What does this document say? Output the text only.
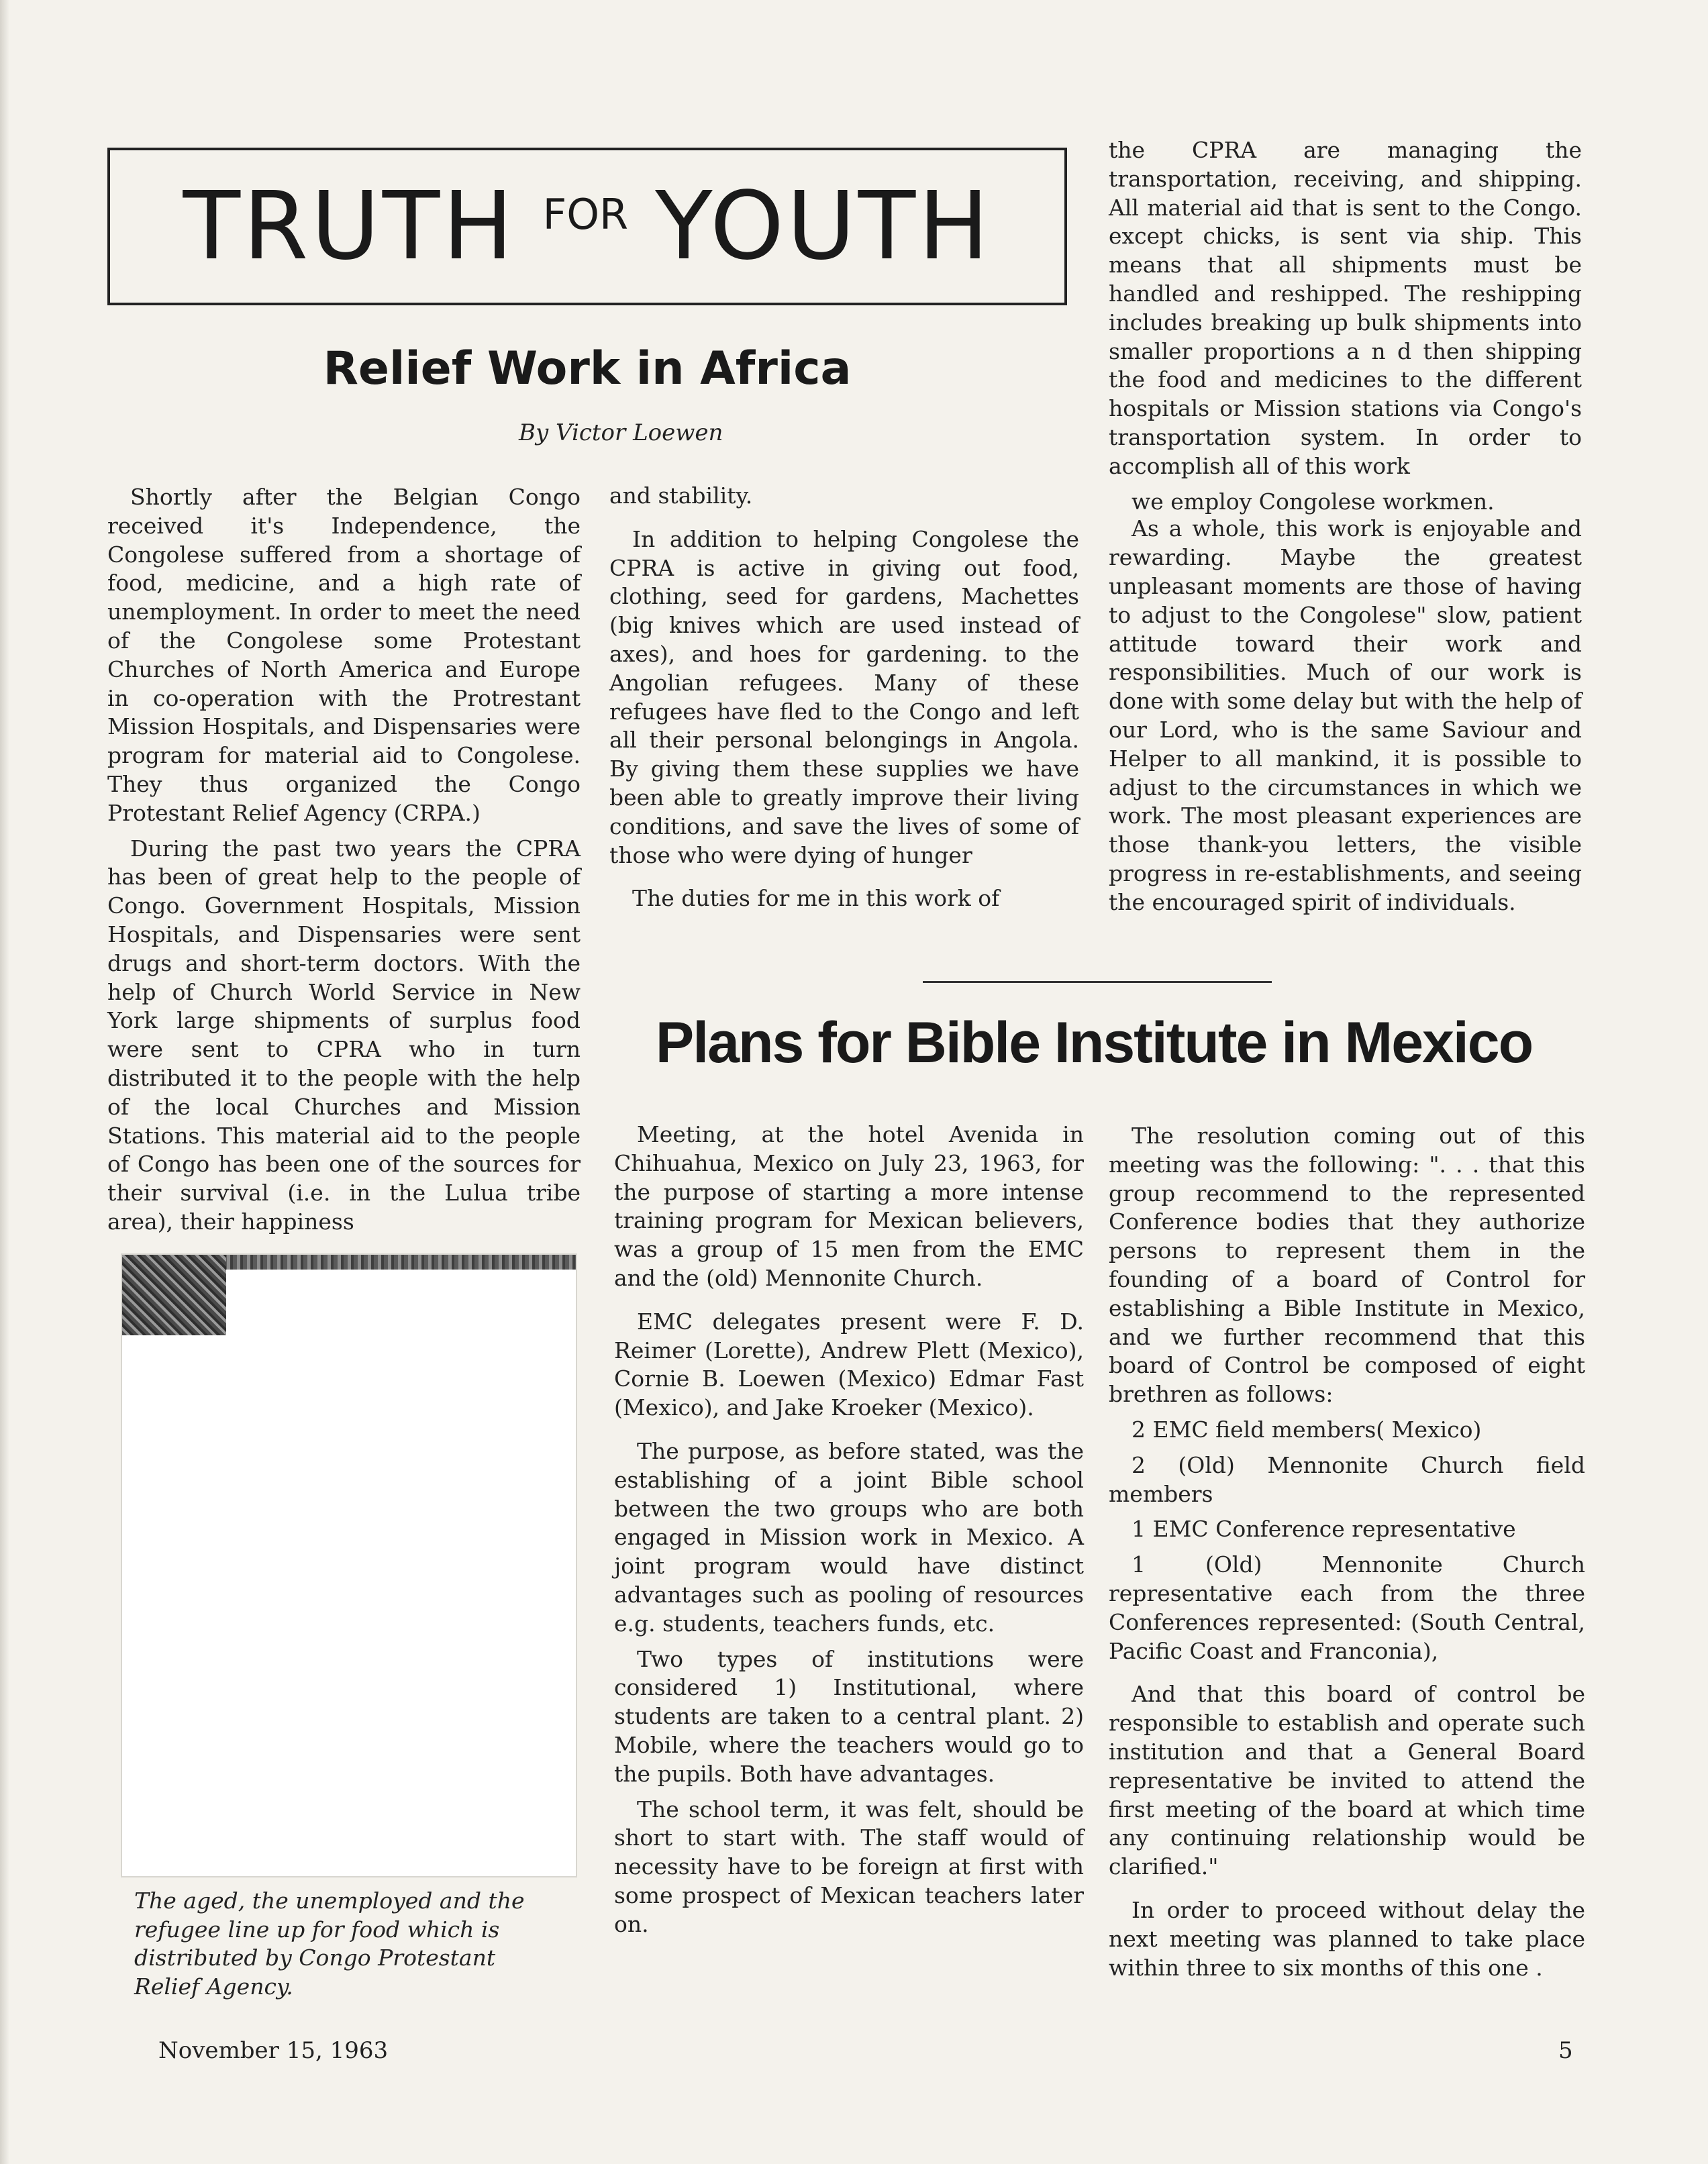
TRUTH FOR YOUTH
Relief Work in Africa
By Victor Loewen

Shortly after the Belgian Congo received it's Independence, the Congolese suffered from a shortage of food, medicine, and a high rate of unemployment. In order to meet the need of the Congolese some Protestant Churches of North America and Europe in co-operation with the Protrestant Mission Hospitals, and Dispensaries were program for material aid to Congolese. They thus organized the Congo Protestant Relief Agency (CRPA.)

During the past two years the CPRA has been of great help to the people of Congo. Government Hospitals, Mission Hospitals, and Dispensaries were sent drugs and short-term doctors. With the help of Church World Service in New York large shipments of surplus food were sent to CPRA who in turn distributed it to the people with the help of the local Churches and Mission Stations. This material aid to the people of Congo has been one of the sources for their survival (i.e. in the Lulua tribe area), their happiness

and stability.

In addition to helping Congolese the CPRA is active in giving out food, clothing, seed for gardens, Machettes (big knives which are used instead of axes), and hoes for gardening. to the Angolian refugees. Many of these refugees have fled to the Congo and left all their personal belongings in Angola. By giving them these supplies we have been able to greatly improve their living conditions, and save the lives of some of those who were dying of hunger

The duties for me in this work of

the CPRA are managing the transportation, receiving, and shipping. All material aid that is sent to the Congo. except chicks, is sent via ship. This means that all shipments must be handled and reshipped. The reshipping includes breaking up bulk shipments into smaller proportions a n d then shipping the food and medicines to the different hospitals or Mission stations via Congo's transportation system. In order to accomplish all of this work

we employ Congolese workmen.

As a whole, this work is enjoyable and rewarding. Maybe the greatest unpleasant moments are those of having to adjust to the Congolese" slow, patient attitude toward their work and responsibilities. Much of our work is done with some delay but with the help of our Lord, who is the same Saviour and Helper to all mankind, it is possible to adjust to the circumstances in which we work. The most pleasant experiences are those thank-you letters, the visible progress in re-establishments, and seeing the encouraged spirit of individuals.

The aged, the unemployed and the refugee line up for food which is distributed by Congo Protestant Relief Agency.
Plans for Bible Institute in Mexico

Meeting, at the hotel Avenida in Chihuahua, Mexico on July 23, 1963, for the purpose of starting a more intense training program for Mexican believers, was a group of 15 men from the EMC and the (old) Mennonite Church.

EMC delegates present were F. D. Reimer (Lorette), Andrew Plett (Mexico), Cornie B. Loewen (Mexico) Edmar Fast (Mexico), and Jake Kroeker (Mexico).

The purpose, as before stated, was the establishing of a joint Bible school between the two groups who are both engaged in Mission work in Mexico. A joint program would have distinct advantages such as pooling of resources e.g. students, teachers funds, etc.

Two types of institutions were considered 1) Institutional, where students are taken to a central plant. 2) Mobile, where the teachers would go to the pupils. Both have advantages.

The school term, it was felt, should be short to start with. The staff would of necessity have to be foreign at first with some prospect of Mexican teachers later on.

The resolution coming out of this meeting was the following: ". . . that this group recommend to the represented Conference bodies that they authorize persons to represent them in the founding of a board of Control for establishing a Bible Institute in Mexico, and we further recommend that this board of Control be composed of eight brethren as follows:

2 EMC field members( Mexico)

2 (Old) Mennonite Church field members

1 EMC Conference representative

1 (Old) Mennonite Church representative each from the three Conferences represented: (South Central, Pacific Coast and Franconia),

And that this board of control be responsible to establish and operate such institution and that a General Board representative be invited to attend the first meeting of the board at which time any continuing relationship would be clarified."

In order to proceed without delay the next meeting was planned to take place within three to six months of this one .

November 15, 1963	5
